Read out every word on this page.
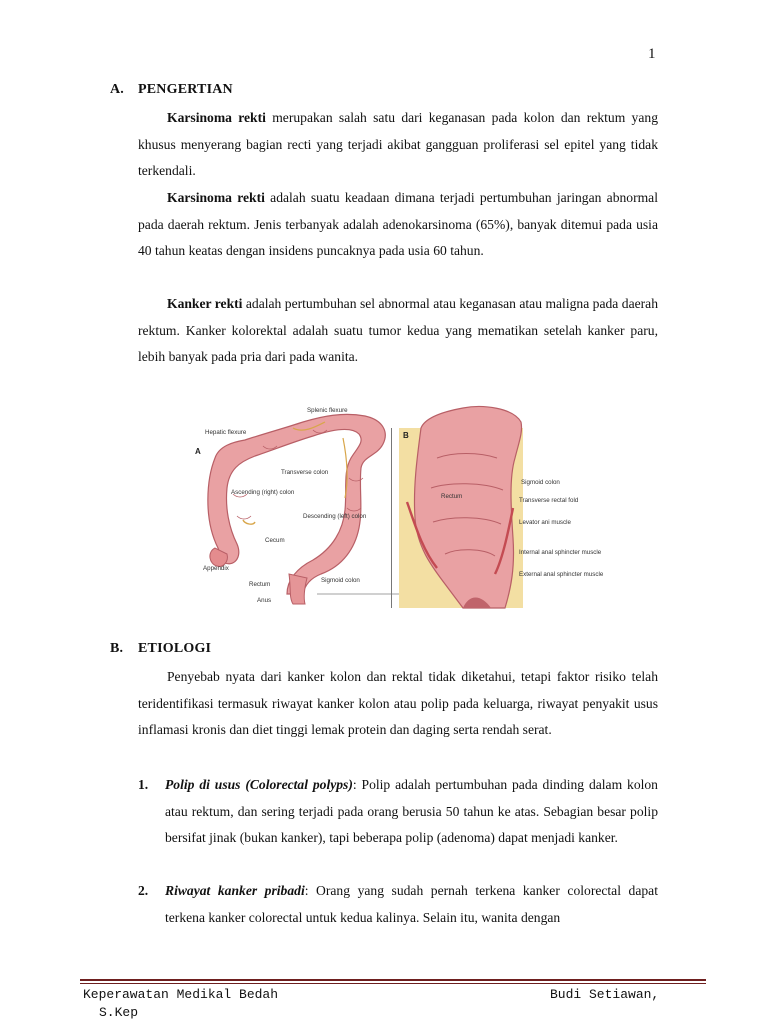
1
A. PENGERTIAN

Karsinoma rekti merupakan salah satu dari keganasan pada kolon dan rektum yang khusus menyerang bagian recti yang terjadi akibat gangguan proliferasi sel epitel yang tidak terkendali.

Karsinoma rekti adalah suatu keadaan dimana terjadi pertumbuhan jaringan abnormal pada daerah rektum. Jenis terbanyak adalah adenokarsinoma (65%), banyak ditemui pada usia 40 tahun keatas dengan insidens puncaknya pada usia 60 tahun.

Kanker rekti adalah pertumbuhan sel abnormal atau keganasan atau maligna pada daerah rektum. Kanker kolorektal adalah suatu tumor kedua yang mematikan setelah kanker paru, lebih banyak pada pria dari pada wanita.

A
Splenic flexure
Hepatic flexure
Transverse colon
Ascending (right) colon
Descending (left) colon
Cecum
Appendix
Rectum
Sigmoid colon
Anus
B
Sigmoid colon
Rectum
Transverse rectal fold
Levator ani muscle
Internal anal sphincter muscle
External anal sphincter muscle
B. ETIOLOGI

Penyebab nyata dari kanker kolon dan rektal tidak diketahui, tetapi faktor risiko telah teridentifikasi termasuk riwayat kanker kolon atau polip pada keluarga, riwayat penyakit usus inflamasi kronis dan diet tinggi lemak protein dan daging serta rendah serat.

1. Polip di usus (Colorectal polyps): Polip adalah pertumbuhan pada dinding dalam kolon atau rektum, dan sering terjadi pada orang berusia 50 tahun ke atas. Sebagian besar polip bersifat jinak (bukan kanker), tapi beberapa polip (adenoma) dapat menjadi kanker.
2. Riwayat kanker pribadi: Orang yang sudah pernah terkena kanker colorectal dapat terkena kanker colorectal untuk kedua kalinya. Selain itu, wanita dengan
Keperawatan Medikal Bedah	Budi Setiawan,
S.Kep
